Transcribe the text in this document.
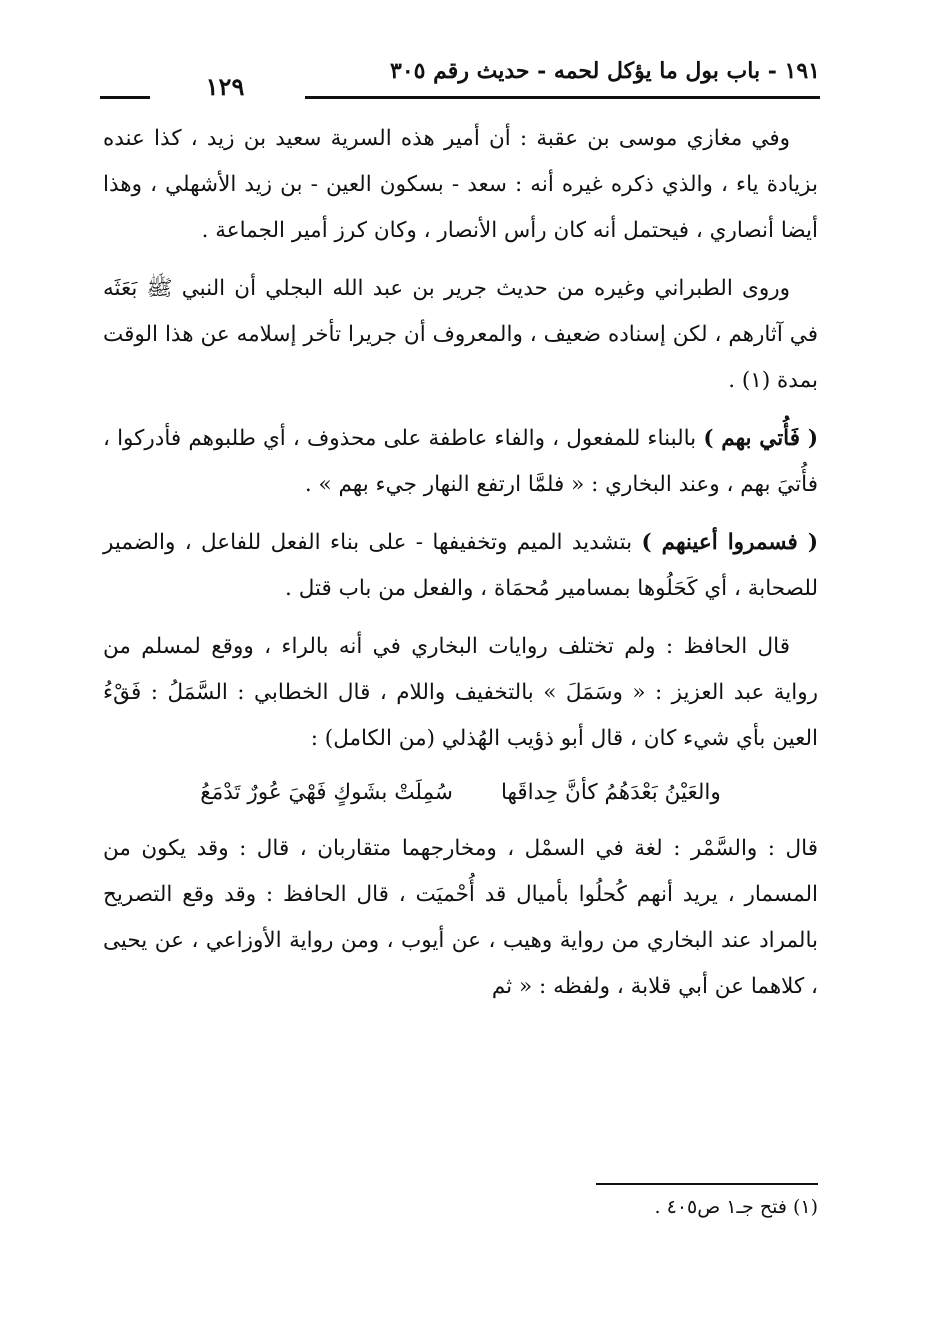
١٩١ - باب بول ما يؤكل لحمه - حديث رقم ٣٠٥
١٢٩

وفي مغازي موسى بن عقبة : أن أمير هذه السرية سعيد بن زيد ، كذا عنده بزيادة ياء ، والذي ذكره غيره أنه : سعد - بسكون العين - بن زيد الأشهلي ، وهذا أيضا أنصاري ، فيحتمل أنه كان رأس الأنصار ، وكان كرز أمير الجماعة .

وروى الطبراني وغيره من حديث جرير بن عبد الله البجلي أن النبي ﷺ بَعَثَه في آثارهم ، لكن إسناده ضعيف ، والمعروف أن جريرا تأخر إسلامه عن هذا الوقت بمدة (١) .

( فَأُتي بهم ) بالبناء للمفعول ، والفاء عاطفة على محذوف ، أي طلبوهم فأدركوا ، فأُتيَ بهم ، وعند البخاري : « فلمَّا ارتفع النهار جيء بهم » .

( فسمروا أعينهم ) بتشديد الميم وتخفيفها - على بناء الفعل للفاعل ، والضمير للصحابة ، أي كَحَلُوها بمسامير مُحمَاة ، والفعل من باب قتل .

قال الحافظ : ولم تختلف روايات البخاري في أنه بالراء ، ووقع لمسلم من رواية عبد العزيز : « وسَمَلَ » بالتخفيف واللام ، قال الخطابي : السَّمَلُ : فَقْءُ العين بأي شيء كان ، قال أبو ذؤيب الهُذلي (من الكامل) :

والعَيْنُ بَعْدَهُمُ كأنَّ حِداقَها
سُمِلَتْ بشَوكٍ فَهْيَ عُورٌ تَدْمَعُ

قال : والسَّمْر : لغة في السمْل ، ومخارجهما متقاربان ، قال : وقد يكون من المسمار ، يريد أنهم كُحلُوا بأميال قد أُحْميَت ، قال الحافظ : وقد وقع التصريح بالمراد عند البخاري من رواية وهيب ، عن أيوب ، ومن رواية الأوزاعي ، عن يحيى ، كلاهما عن أبي قلابة ، ولفظه : « ثم

(١) فتح جـ١ ص٤٠٥ .
